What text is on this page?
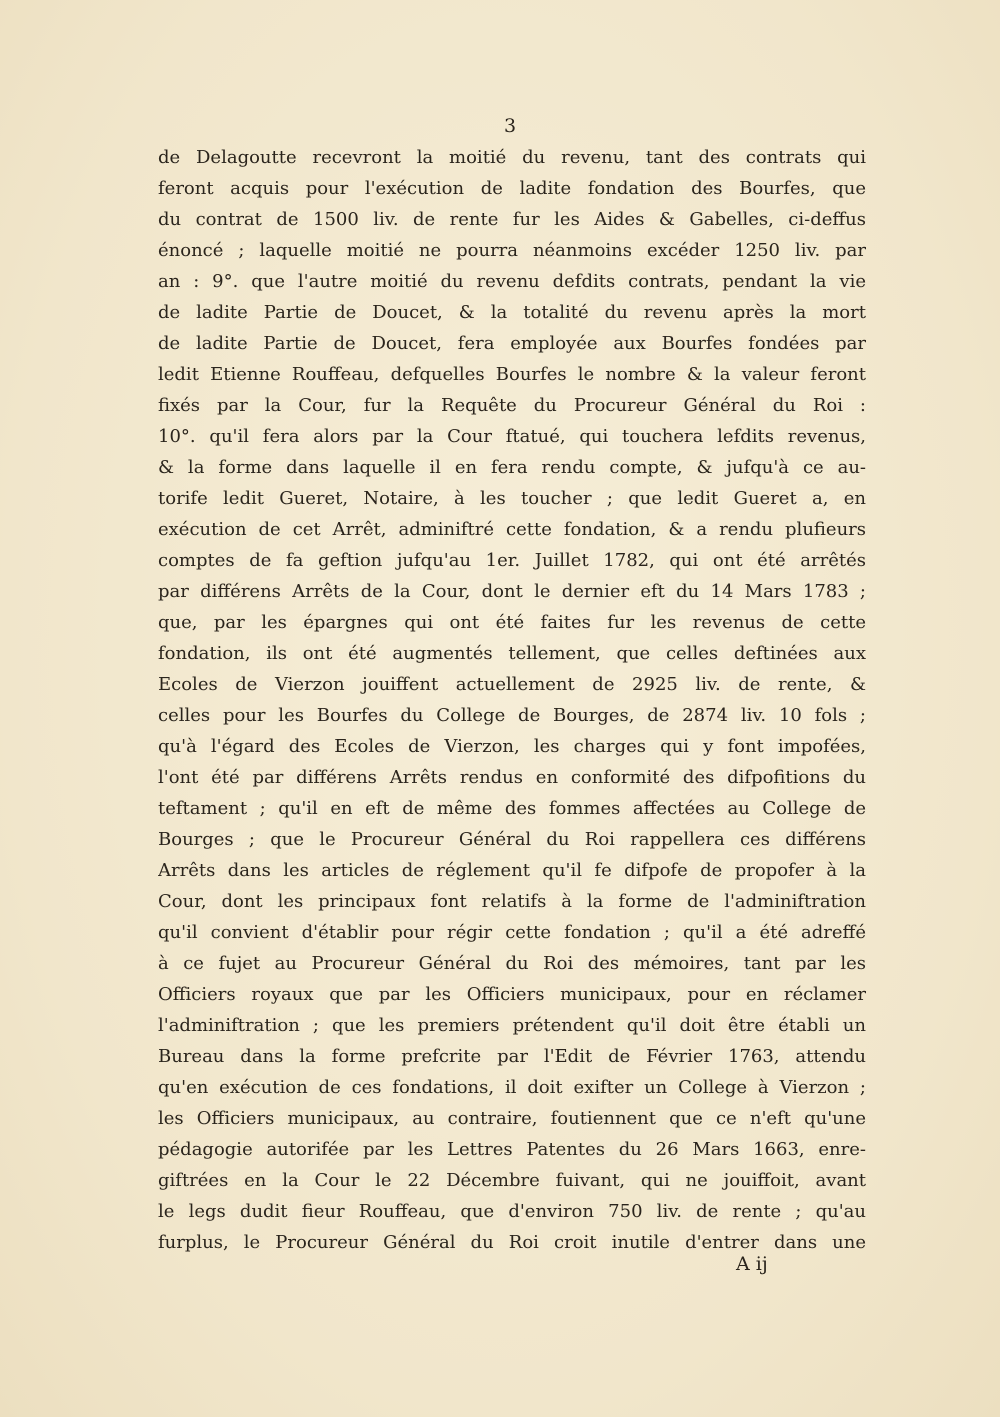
3
de Delagoutte recevront la moitié du revenu, tant des contrats qui
feront acquis pour l'exécution de ladite fondation des Bourfes, que
du contrat de 1500 liv. de rente fur les Aides & Gabelles, ci-deffus
énoncé ; laquelle moitié ne pourra néanmoins excéder 1250 liv. par
an : 9°. que l'autre moitié du revenu defdits contrats, pendant la vie
de ladite Partie de Doucet, & la totalité du revenu après la mort
de ladite Partie de Doucet, fera employée aux Bourfes fondées par
ledit Etienne Rouffeau, defquelles Bourfes le nombre & la valeur feront
fixés par la Cour, fur la Requête du Procureur Général du Roi :
10°. qu'il fera alors par la Cour ftatué, qui touchera lefdits revenus,
& la forme dans laquelle il en fera rendu compte, & jufqu'à ce au-
torife ledit Gueret, Notaire, à les toucher ; que ledit Gueret a, en
exécution de cet Arrêt, adminiftré cette fondation, & a rendu plufieurs
comptes de fa geftion jufqu'au 1er. Juillet 1782, qui ont été arrêtés
par différens Arrêts de la Cour, dont le dernier eft du 14 Mars 1783 ;
que, par les épargnes qui ont été faites fur les revenus de cette
fondation, ils ont été augmentés tellement, que celles deftinées aux
Ecoles de Vierzon jouiffent actuellement de 2925 liv. de rente, &
celles pour les Bourfes du College de Bourges, de 2874 liv. 10 fols ;
qu'à l'égard des Ecoles de Vierzon, les charges qui y font impofées,
l'ont été par différens Arrêts rendus en conformité des difpofitions du
teftament ; qu'il en eft de même des fommes affectées au College de
Bourges ; que le Procureur Général du Roi rappellera ces différens
Arrêts dans les articles de réglement qu'il fe difpofe de propofer à la
Cour, dont les principaux font relatifs à la forme de l'adminiftration
qu'il convient d'établir pour régir cette fondation ; qu'il a été adreffé
à ce fujet au Procureur Général du Roi des mémoires, tant par les
Officiers royaux que par les Officiers municipaux, pour en réclamer
l'adminiftration ; que les premiers prétendent qu'il doit être établi un
Bureau dans la forme prefcrite par l'Edit de Février 1763, attendu
qu'en exécution de ces fondations, il doit exifter un College à Vierzon ;
les Officiers municipaux, au contraire, foutiennent que ce n'eft qu'une
pédagogie autorifée par les Lettres Patentes du 26 Mars 1663, enre-
giftrées en la Cour le 22 Décembre fuivant, qui ne jouiffoit, avant
le legs dudit fieur Rouffeau, que d'environ 750 liv. de rente ; qu'au
furplus, le Procureur Général du Roi croit inutile d'entrer dans une
A ij
